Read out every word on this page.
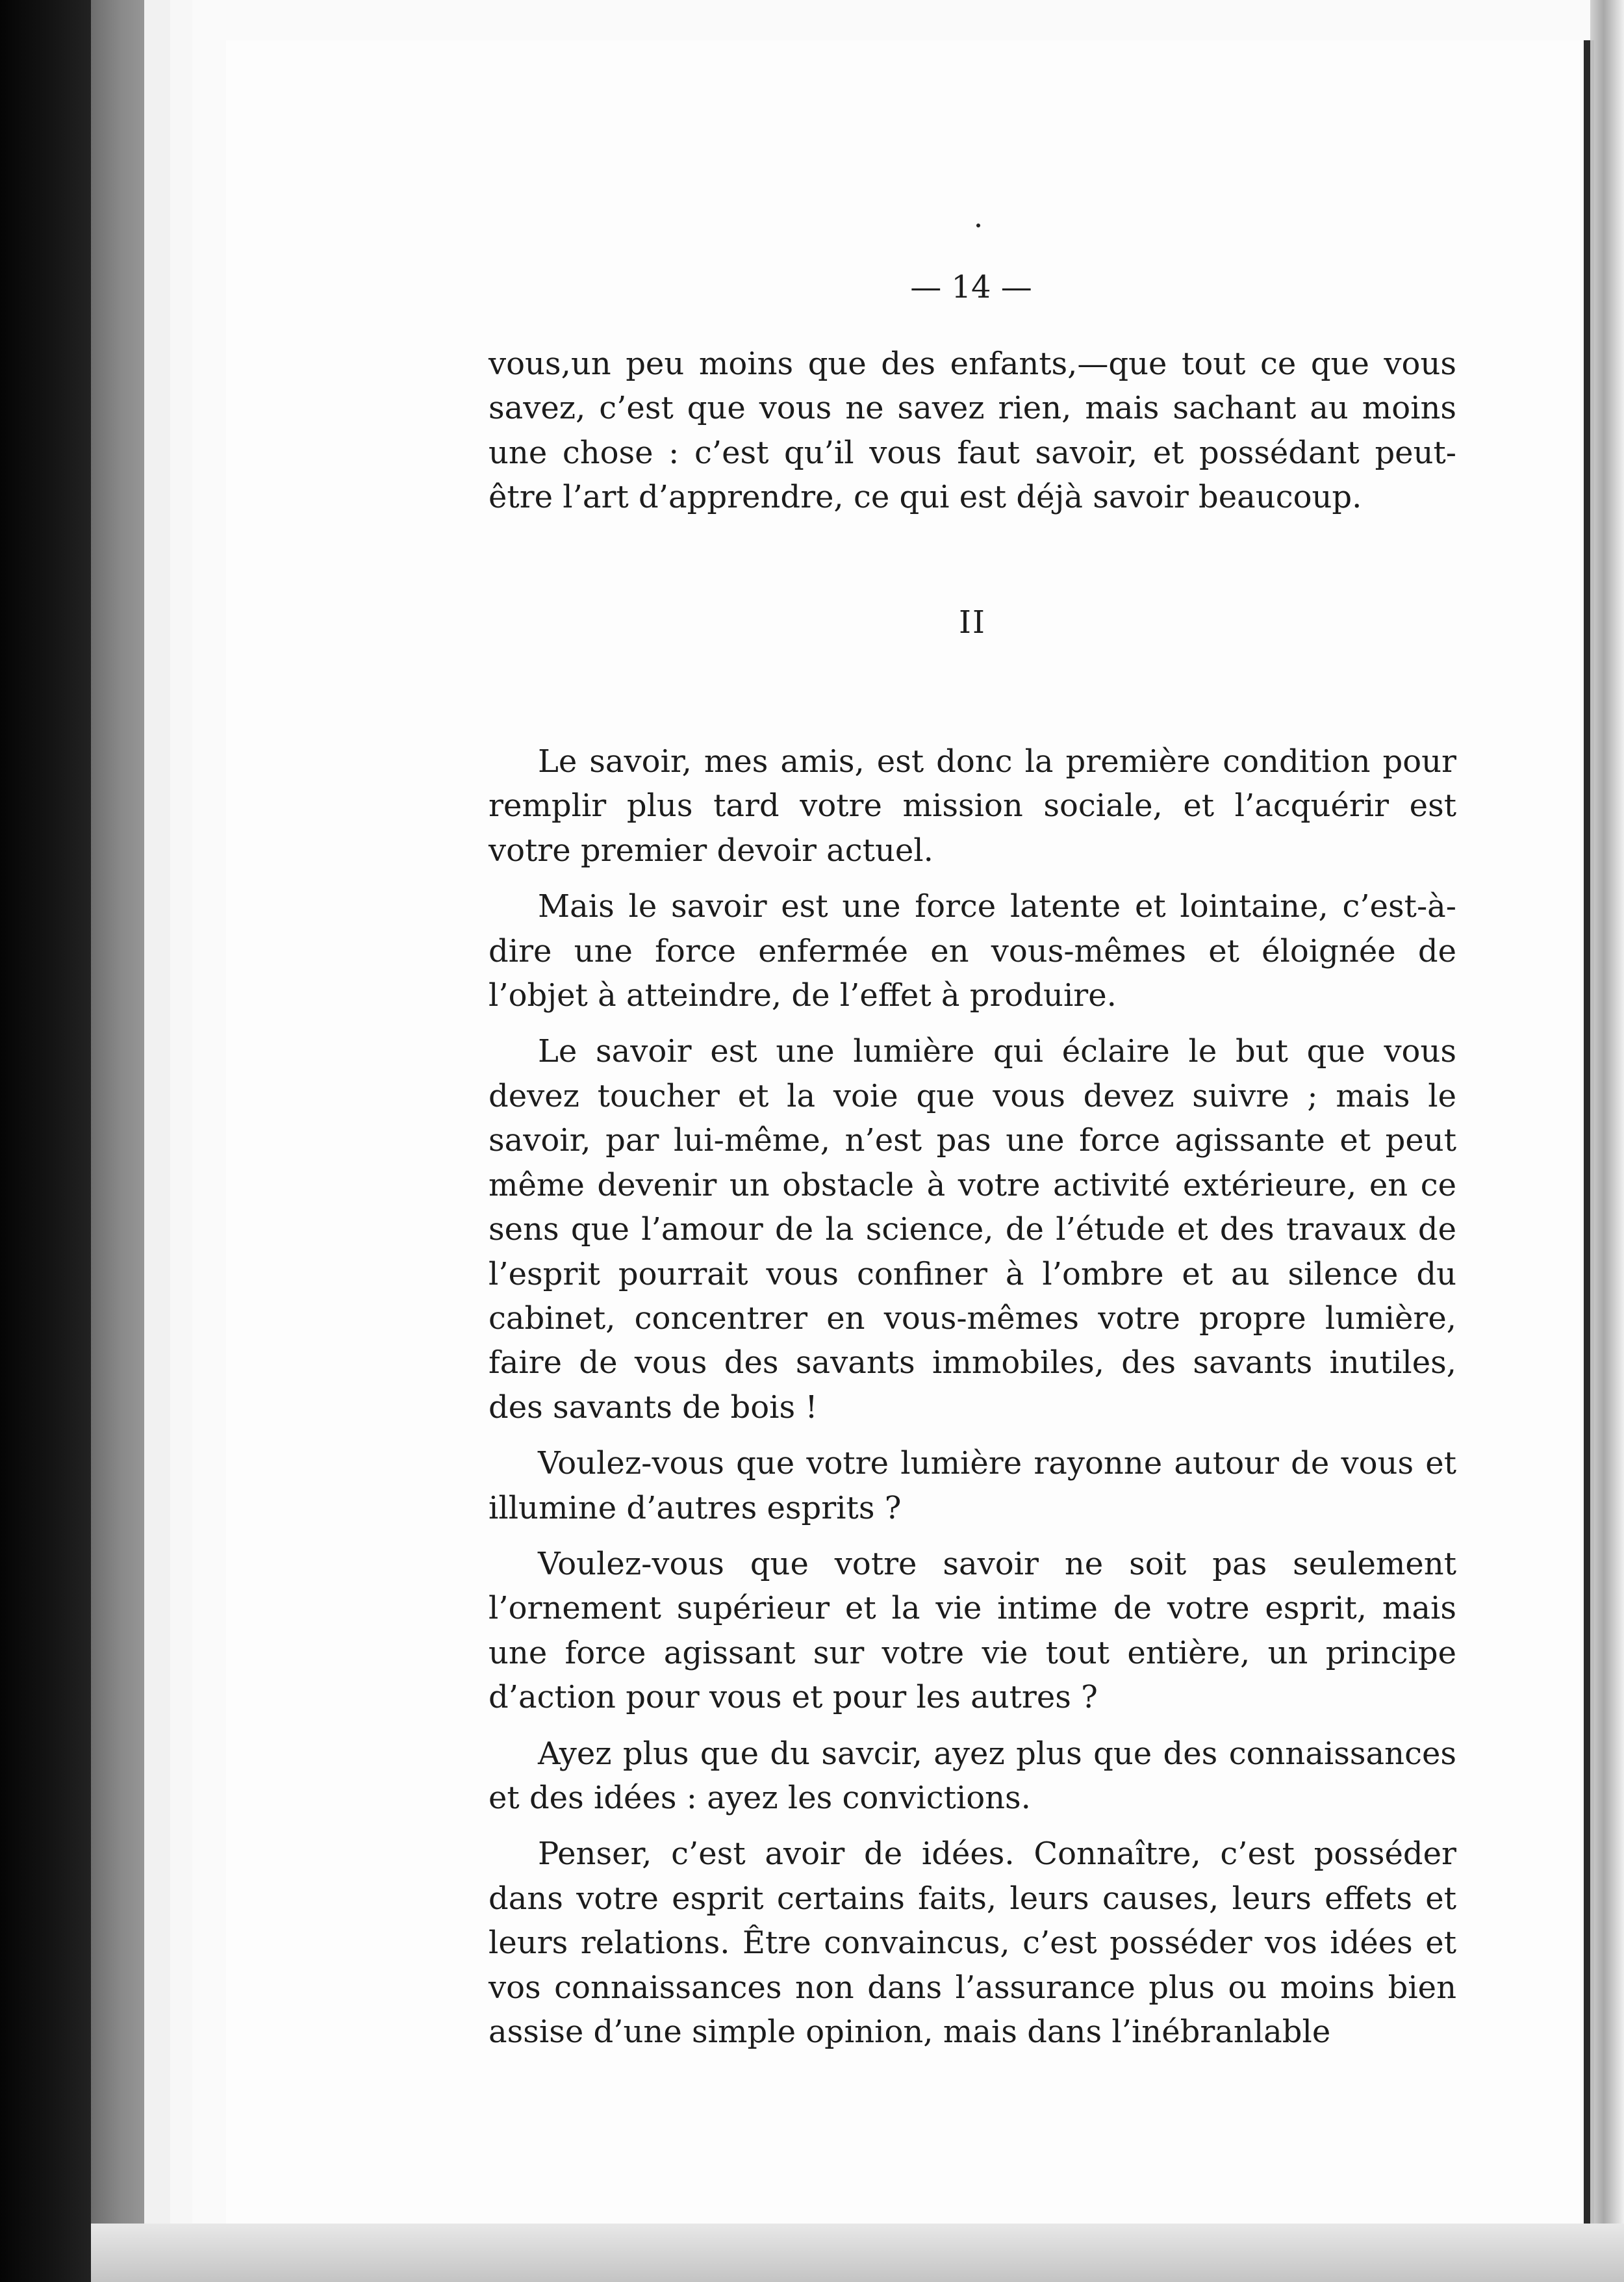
— 14 —

vous,un peu moins que des enfants,—que tout ce que vous savez, c’est que vous ne savez rien, mais sachant au moins une chose : c’est qu’il vous faut savoir, et possédant peut-être l’art d’apprendre, ce qui est déjà savoir beaucoup.

II

Le savoir, mes amis, est donc la première condition pour remplir plus tard votre mission sociale, et l’acquérir est votre premier devoir actuel.

Mais le savoir est une force latente et lointaine, c’est-à-dire une force enfermée en vous-mêmes et éloignée de l’objet à atteindre, de l’effet à produire.

Le savoir est une lumière qui éclaire le but que vous devez toucher et la voie que vous devez suivre ; mais le savoir, par lui-même, n’est pas une force agissante et peut même devenir un obstacle à votre activité extérieure, en ce sens que l’amour de la science, de l’étude et des travaux de l’esprit pourrait vous confiner à l’ombre et au silence du cabinet, concentrer en vous-mêmes votre propre lumière, faire de vous des savants immobiles, des savants inutiles, des savants de bois !

Voulez-vous que votre lumière rayonne autour de vous et illumine d’autres esprits ?

Voulez-vous que votre savoir ne soit pas seulement l’ornement supérieur et la vie intime de votre esprit, mais une force agissant sur votre vie tout entière, un principe d’action pour vous et pour les autres ?

Ayez plus que du savcir, ayez plus que des connaissances et des idées : ayez les convictions.

Penser, c’est avoir de idées. Connaître, c’est posséder dans votre esprit certains faits, leurs causes, leurs effets et leurs relations. Être convaincus, c’est posséder vos idées et vos connaissances non dans l’assurance plus ou moins bien assise d’une simple opinion, mais dans l’inébranlable
